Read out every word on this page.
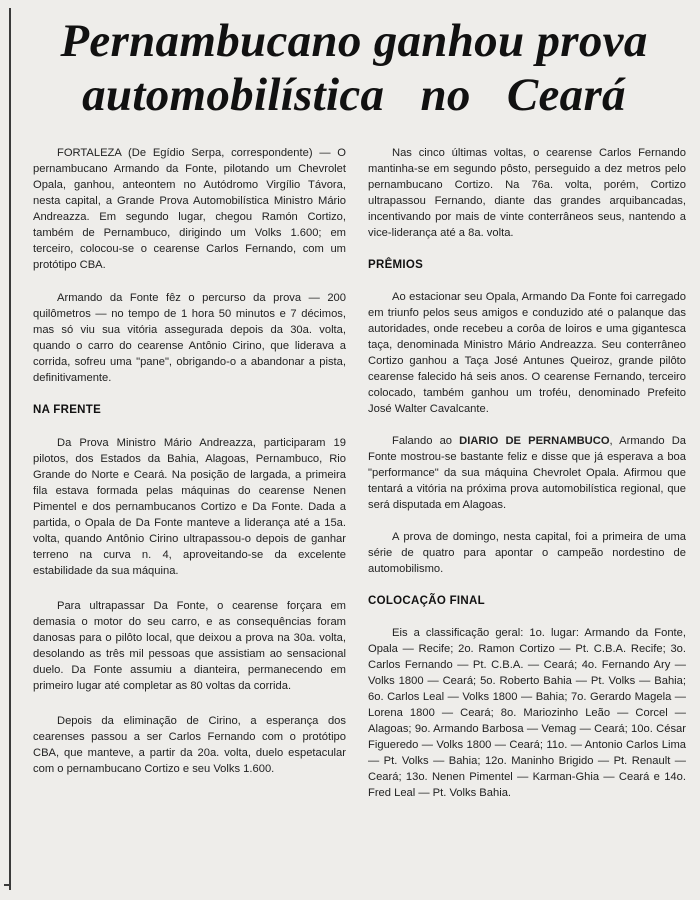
Pernambucano ganhou prova
automobilística   no   Ceará

FORTALEZA (De Egídio Serpa, correspondente) — O pernambucano Armando da Fonte, pilotando um Chevrolet Opala, ganhou, anteontem no Autódromo Virgílio Távora, nesta capital, a Grande Prova Automobilística Ministro Mário Andreazza. Em segundo lugar, chegou Ramón Cortizo, também de Pernambuco, dirigindo um Volks 1.600; em terceiro, colocou-se o cearense Carlos Fernando, com um protótipo CBA.

Armando da Fonte fêz o percurso da prova — 200 quilômetros — no tempo de 1 hora 50 minutos e 7 décimos, mas só viu sua vitória assegurada depois da 30a. volta, quando o carro do cearense Antônio Cirino, que liderava a corrida, sofreu uma "pane", obrigando-o a abandonar a pista, definitivamente.

NA FRENTE

Da Prova Ministro Mário Andreazza, participaram 19 pilotos, dos Estados da Bahia, Alagoas, Pernambuco, Rio Grande do Norte e Ceará. Na posição de largada, a primeira fila estava formada pelas máquinas do cearense Nenen Pimentel e dos pernambucanos Cortizo e Da Fonte. Dada a partida, o Opala de Da Fonte manteve a liderança até a 15a. volta, quando Antônio Cirino ultrapassou-o depois de ganhar terreno na curva n. 4, aproveitando-se da excelente estabilidade da sua máquina.

Para ultrapassar Da Fonte, o cearense forçara em demasia o motor do seu carro, e as consequências foram danosas para o pilôto local, que deixou a prova na 30a. volta, desolando as três mil pessoas que assistiam ao sensacional duelo. Da Fonte assumiu a dianteira, permanecendo em primeiro lugar até completar as 80 voltas da corrida.

Depois da eliminação de Cirino, a esperança dos cearenses passou a ser Carlos Fernando com o protótipo CBA, que manteve, a partir da 20a. volta, duelo espetacular com o pernambucano Cortizo e seu Volks 1.600.

Nas cinco últimas voltas, o cearense Carlos Fernando mantinha-se em segundo pôsto, perseguido a dez metros pelo pernambucano Cortizo. Na 76a. volta, porém, Cortizo ultrapassou Fernando, diante das grandes arquibancadas, incentivando por mais de vinte conterrâneos seus, nantendo a vice-liderança até a 8a. volta.

PRÊMIOS

Ao estacionar seu Opala, Armando Da Fonte foi carregado em triunfo pelos seus amigos e conduzido até o palanque das autoridades, onde recebeu a corôa de loiros e uma gigantesca taça, denominada Ministro Mário Andreazza. Seu conterrâneo Cortizo ganhou a Taça José Antunes Queiroz, grande pilôto cearense falecido há seis anos. O cearense Fernando, terceiro colocado, também ganhou um troféu, denominado Prefeito José Walter Cavalcante.

Falando ao DIARIO DE PERNAMBUCO, Armando Da Fonte mostrou-se bastante feliz e disse que já esperava a boa "performance" da sua máquina Chevrolet Opala. Afirmou que tentará a vitória na próxima prova automobilística regional, que será disputada em Alagoas.

A prova de domingo, nesta capital, foi a primeira de uma série de quatro para apontar o campeão nordestino de automobilismo.

COLOCAÇÃO FINAL

Eis a classificação geral: 1o. lugar: Armando da Fonte, Opala — Recife; 2o. Ramon Cortizo — Pt. C.B.A. Recife; 3o. Carlos Fernando — Pt. C.B.A. — Ceará; 4o. Fernando Ary — Volks 1800 — Ceará; 5o. Roberto Bahia — Pt. Volks — Bahia; 6o. Carlos Leal — Volks 1800 — Bahia; 7o. Gerardo Magela — Lorena 1800 — Ceará; 8o. Mariozinho Leão — Corcel — Alagoas; 9o. Armando Barbosa — Vemag — Ceará; 10o. César Figueredo — Volks 1800 — Ceará; 11o. — Antonio Carlos Lima — Pt. Volks — Bahia; 12o. Maninho Brigido — Pt. Renault — Ceará; 13o. Nenen Pimentel — Karman-Ghia — Ceará e 14o. Fred Leal — Pt. Volks Bahia.
